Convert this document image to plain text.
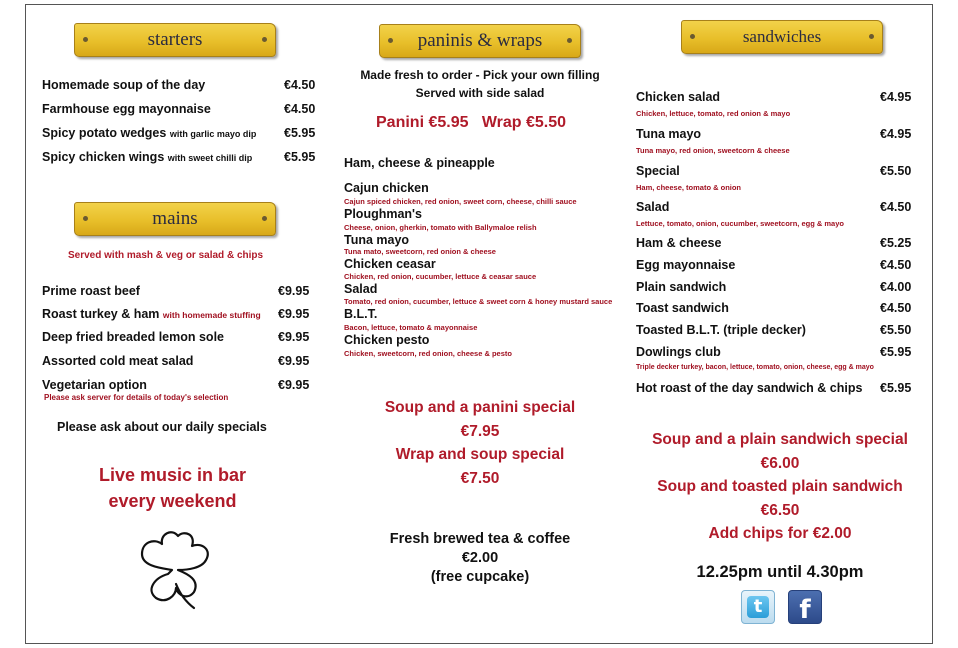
starters
Homemade soup of the day	€4.50
Farmhouse egg mayonnaise	€4.50
Spicy potato wedges with garlic mayo dip €5.95
Spicy chicken wings with sweet chilli dip	€5.95
mains
Served with mash & veg or salad & chips
Prime roast beef	€9.95
Roast turkey & ham with homemade stuffing €9.95
Deep fried breaded lemon sole	€9.95
Assorted cold meat salad	€9.95
Vegetarian option	€9.95
Please ask server for details of today's selection
Please ask about our daily specials
Live music in bar
every weekend
paninis & wraps
Made fresh to order - Pick your own filling
Served with side salad
Panini €5.95 Wrap €5.50
Ham, cheese & pineapple
Cajun chicken
Cajun spiced chicken, red onion, sweet corn, cheese, chilli sauce
Ploughman's
Cheese, onion, gherkin, tomato with Ballymaloe relish
Tuna mayo
Tuna mato, sweetcorn, red onion & cheese
Chicken ceasar
Chicken, red onion, cucumber, lettuce & ceasar sauce
Salad
Tomato, red onion, cucumber, lettuce & sweet corn & honey mustard sauce
B.L.T.
Bacon, lettuce, tomato & mayonnaise
Chicken pesto
Chicken, sweetcorn, red onion, cheese & pesto
Soup and a panini special
€7.95
Wrap and soup special
€7.50
Fresh brewed tea & coffee
€2.00
(free cupcake)
sandwiches
Chicken salad	€4.95
Chicken, lettuce, tomato, red onion & mayo
Tuna mayo	€4.95
Tuna mayo, red onion, sweetcorn & cheese
Special	€5.50
Ham, cheese, tomato & onion
Salad	€4.50
Lettuce, tomato, onion, cucumber, sweetcorn, egg & mayo
Ham & cheese	€5.25
Egg mayonnaise	€4.50
Plain sandwich	€4.00
Toast sandwich	€4.50
Toasted B.L.T. (triple decker)	€5.50
Dowlings club	€5.95
Triple decker turkey, bacon, lettuce, tomato, onion, cheese, egg & mayo
Hot roast of the day sandwich & chips €5.95
Soup and a plain sandwich special
€6.00
Soup and toasted plain sandwich
€6.50
Add chips for €2.00
12.25pm until 4.30pm
t	f
